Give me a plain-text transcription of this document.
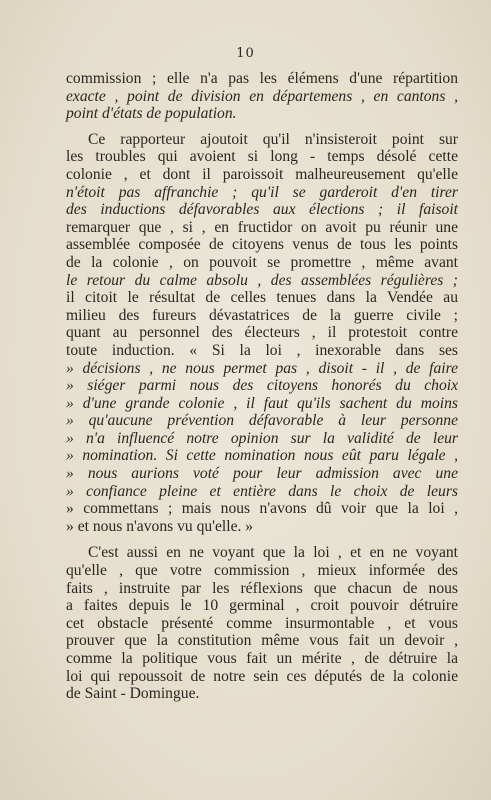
10
commission ; elle n'a pas les élémens d'une répartition
exacte , point de division en départemens , en cantons ,
point d'états de population.
Ce rapporteur ajoutoit qu'il n'insisteroit point sur
les troubles qui avoient si long - temps désolé cette
colonie , et dont il paroissoit malheureusement qu'elle
n'étoit pas affranchie ; qu'il se garderoit d'en tirer
des inductions défavorables aux élections ; il faisoit
remarquer que , si , en fructidor on avoit pu réunir une
assemblée composée de citoyens venus de tous les points
de la colonie , on pouvoit se promettre , même avant
le retour du calme absolu , des assemblées régulières ;
il citoit le résultat de celles tenues dans la Vendée au
milieu des fureurs dévastatrices de la guerre civile ;
quant au personnel des électeurs , il protestoit contre
toute induction. « Si la loi , inexorable dans ses
» décisions , ne nous permet pas , disoit - il , de faire
» siéger parmi nous des citoyens honorés du choix
» d'une grande colonie , il faut qu'ils sachent du moins
» qu'aucune prévention défavorable à leur personne
» n'a influencé notre opinion sur la validité de leur
» nomination. Si cette nomination nous eût paru légale ,
» nous aurions voté pour leur admission avec une
» confiance pleine et entière dans le choix de leurs
» commettans ; mais nous n'avons dû voir que la loi ,
» et nous n'avons vu qu'elle. »
C'est aussi en ne voyant que la loi , et en ne voyant
qu'elle , que votre commission , mieux informée des
faits , instruite par les réflexions que chacun de nous
a faites depuis le 10 germinal , croit pouvoir détruire
cet obstacle présenté comme insurmontable , et vous
prouver que la constitution même vous fait un devoir ,
comme la politique vous fait un mérite , de détruire la
loi qui repoussoit de notre sein ces députés de la colonie
de Saint - Domingue.
